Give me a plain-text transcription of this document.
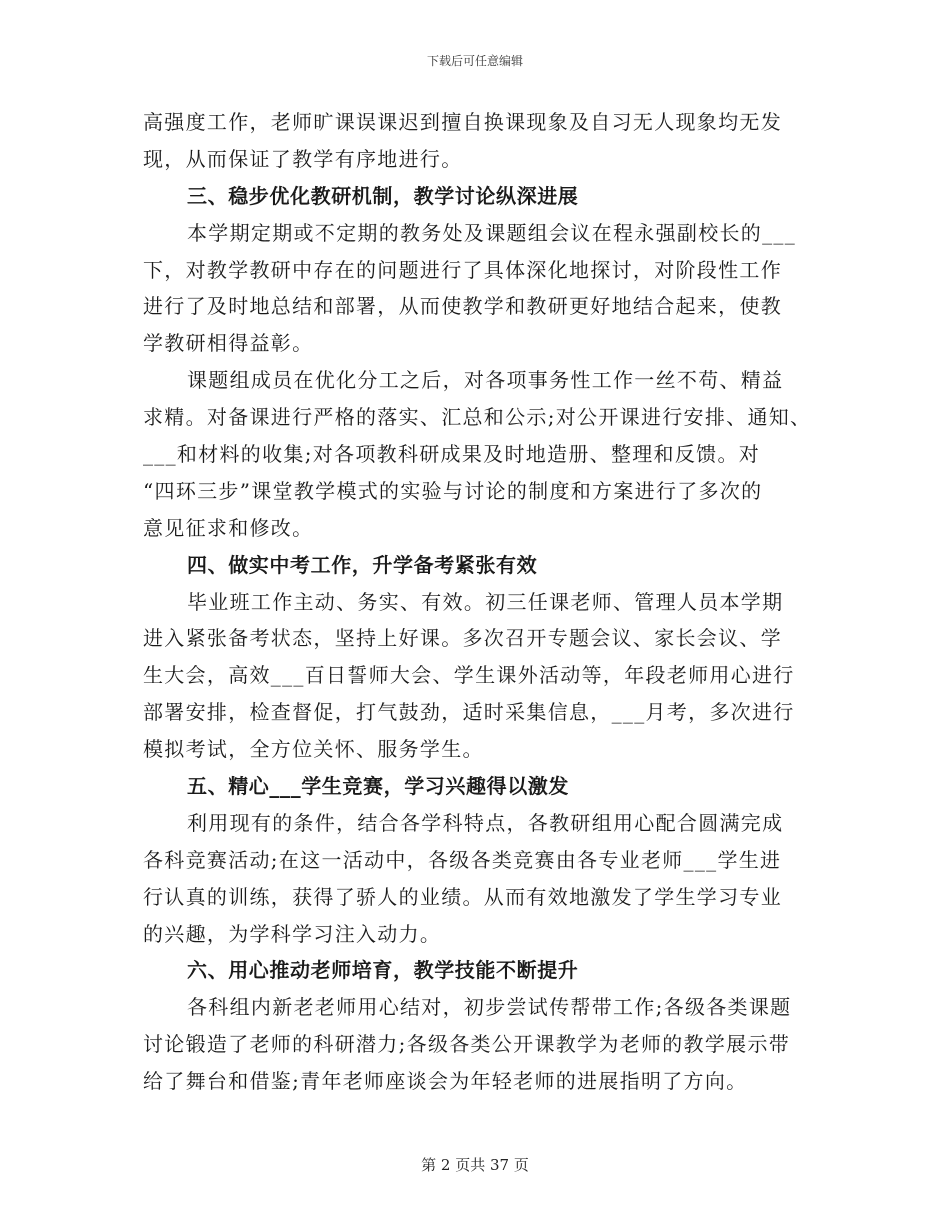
下载后可任意编辑
高强度工作，老师旷课误课迟到擅自换课现象及自习无人现象均无发
现，从而保证了教学有序地进行。
三、稳步优化教研机制，教学讨论纵深进展
本学期定期或不定期的教务处及课题组会议在程永强副校长的___
下，对教学教研中存在的问题进行了具体深化地探讨，对阶段性工作
进行了及时地总结和部署，从而使教学和教研更好地结合起来，使教
学教研相得益彰。
课题组成员在优化分工之后，对各项事务性工作一丝不苟、精益
求精。对备课进行严格的落实、汇总和公示;对公开课进行安排、通知、
___和材料的收集;对各项教科研成果及时地造册、整理和反馈。对
“四环三步”课堂教学模式的实验与讨论的制度和方案进行了多次的
意见征求和修改。
四、做实中考工作，升学备考紧张有效
毕业班工作主动、务实、有效。初三任课老师、管理人员本学期
进入紧张备考状态，坚持上好课。多次召开专题会议、家长会议、学
生大会，高效___百日誓师大会、学生课外活动等，年段老师用心进行
部署安排，检查督促，打气鼓劲，适时采集信息，___月考，多次进行
模拟考试，全方位关怀、服务学生。
五、精心___学生竞赛，学习兴趣得以激发
利用现有的条件，结合各学科特点，各教研组用心配合圆满完成
各科竞赛活动;在这一活动中，各级各类竞赛由各专业老师___学生进
行认真的训练，获得了骄人的业绩。从而有效地激发了学生学习专业
的兴趣，为学科学习注入动力。
六、用心推动老师培育，教学技能不断提升
各科组内新老老师用心结对，初步尝试传帮带工作;各级各类课题
讨论锻造了老师的科研潜力;各级各类公开课教学为老师的教学展示带
给了舞台和借鉴;青年老师座谈会为年轻老师的进展指明了方向。
第 2 页共 37 页
